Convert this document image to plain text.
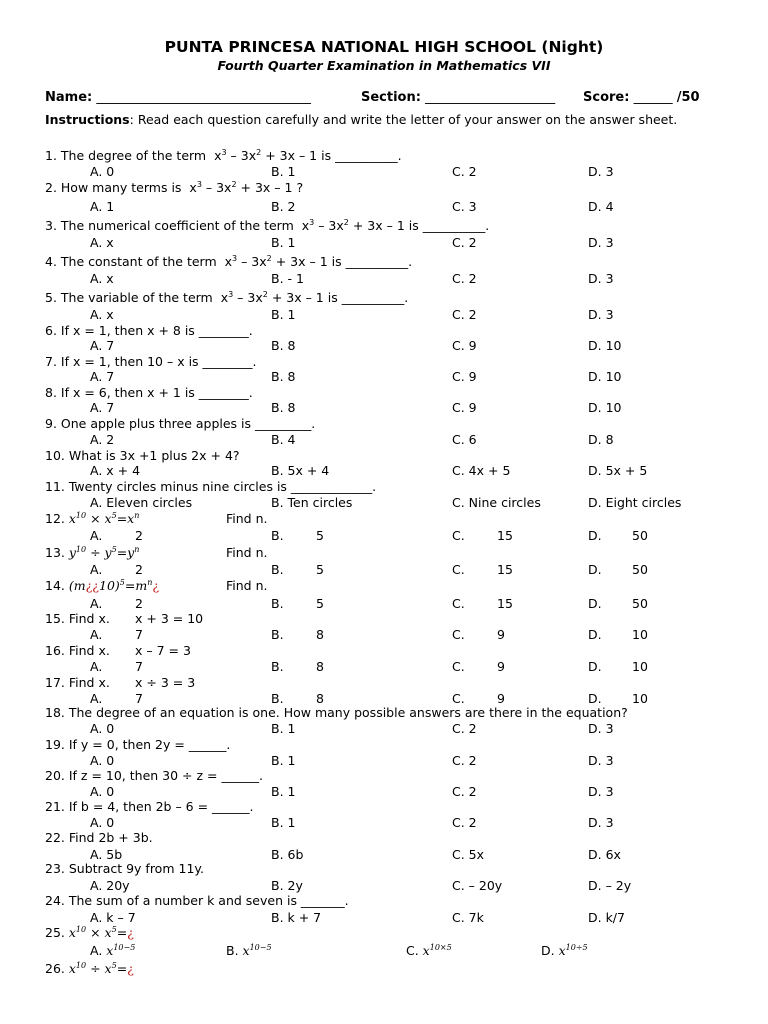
PUNTA PRINCESA NATIONAL HIGH SCHOOL (Night)
Fourth Quarter Examination in Mathematics VII
Name: _________________________________	Section: ____________________ Score: ______ /50
Instructions: Read each question carefully and write the letter of your answer on the answer sheet.
1. The degree of the term $x^3 - 3x^2 + 3x - 1$ is __________.
A. 0	B. 1	C. 2	D. 3
2. How many terms is $x^3 - 3x^2 + 3x - 1$ ?
A. 1	B. 2	C. 3	D. 4
3. The numerical coefficient of the term $x^3 - 3x^2 + 3x - 1$ is __________.
A. x	B. 1	C. 2	D. 3
4. The constant of the term $x^3 - 3x^2 + 3x - 1$ is __________.
A. x	B. - 1	C. 2	D. 3
5. The variable of the term $x^3 - 3x^2 + 3x - 1$ is __________.
A. x	B. 1	C. 2	D. 3
6. If x = 1, then x + 8 is ________.
A. 7	B. 8	C. 9	D. 10
7. If x = 1, then 10 – x is ________.
A. 7	B. 8	C. 9	D. 10
8. If x = 6, then x + 1 is ________.
A. 7	B. 8	C. 9	D. 10
9. One apple plus three apples is _________.
A. 2	B. 4	C. 6	D. 8
10. What is 3x +1 plus 2x + 4?
A. x + 4	B. 5x + 4	C. 4x + 5	D. 5x + 5
11. Twenty circles minus nine circles is _____________.
A. Eleven circles	B. Ten circles	C. Nine circles	D. Eight circles
12. $x^{10} \times x^5=x^n$	Find n.
A.	2	B.	5	C.	15	D. 50
13. $y^{10} \div y^5=y^n$	Find n.
A.	2	B.	5	C.	15	D. 50
14. $(m¿¿10)^5=m^n¿$	Find n.
A.	2	B.	5	C.	15	D. 50
15. Find x. x + 3 = 10
A.	7	B.	8	C.	9	D. 10
16. Find x. x – 7 = 3
A.	7	B.	8	C.	9	D. 10
17. Find x. x ÷ 3 = 3
A.	7	B.	8	C.	9	D. 10
18. The degree of an equation is one. How many possible answers are there in the equation?
A. 0	B. 1	C. 2	D. 3
19. If y = 0, then 2y = ______.
A. 0	B. 1	C. 2	D. 3
20. If z = 10, then 30 ÷ z = ______.
A. 0	B. 1	C. 2	D. 3
21. If b = 4, then 2b – 6 = ______.
A. 0	B. 1	C. 2	D. 3
22. Find 2b + 3b.
A. 5b	B. 6b	C. 5x	D. 6x
23. Subtract 9y from 11y.
A. 20y	B. 2y	C. – 20y	D. – 2y
24. The sum of a number k and seven is _______.
A. k – 7	B. k + 7	C. 7k	D. k/7
25. $x^{10}$ × $x^5=¿$
A. $x^{10-5}$	B. $x^{10-5}$	C. $x^{10\times 5}$	D. $x^{10\div 5}$
26. $x^{10}$ ÷ $x^5=¿$
